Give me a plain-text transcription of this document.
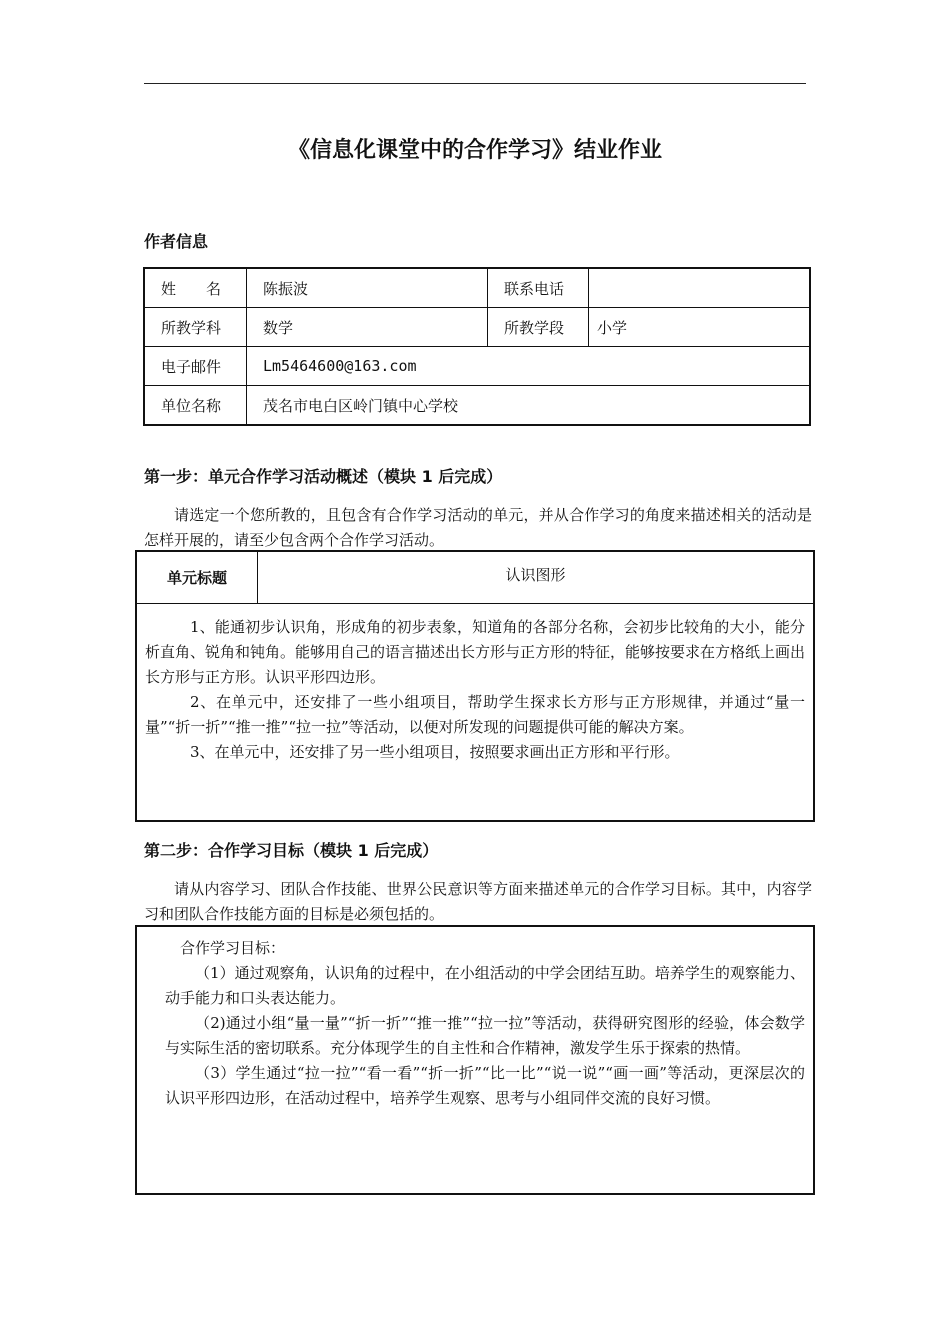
《信息化课堂中的合作学习》结业作业
作者信息
姓　　名	陈振波	联系电话	
所教学科	数学	所教学段	小学
电子邮件	Lm5464600@163.com		
单位名称	茂名市电白区岭门镇中心学校		
第一步：单元合作学习活动概述（模块 1 后完成）
请选定一个您所教的，且包含有合作学习活动的单元，并从合作学习的角度来描述相关的活动是怎样开展的，请至少包含两个合作学习活动。
单元标题	认识图形

1、能通初步认识角，形成角的初步表象，知道角的各部分名称，会初步比较角的大小，能分析直角、锐角和钝角。能够用自己的语言描述出长方形与正方形的特征，能够按要求在方格纸上画出长方形与正方形。认识平形四边形。

2、在单元中，还安排了一些小组项目，帮助学生探求长方形与正方形规律，并通过“量一量”“折一折”“推一推”“拉一拉”等活动，以便对所发现的问题提供可能的解决方案。

3、在单元中，还安排了另一些小组项目，按照要求画出正方形和平行形。

第二步：合作学习目标（模块 1 后完成）
请从内容学习、团队合作技能、世界公民意识等方面来描述单元的合作学习目标。其中，内容学习和团队合作技能方面的目标是必须包括的。

合作学习目标：

（1）通过观察角，认识角的过程中，在小组活动的中学会团结互助。培养学生的观察能力、动手能力和口头表达能力。

（2)通过小组“量一量”“折一折”“推一推”“拉一拉”等活动，获得研究图形的经验，体会数学与实际生活的密切联系。充分体现学生的自主性和合作精神，激发学生乐于探索的热情。

（3）学生通过“拉一拉”“看一看”“折一折”“比一比”“说一说”“画一画”等活动，更深层次的认识平形四边形，在活动过程中，培养学生观察、思考与小组同伴交流的良好习惯。
